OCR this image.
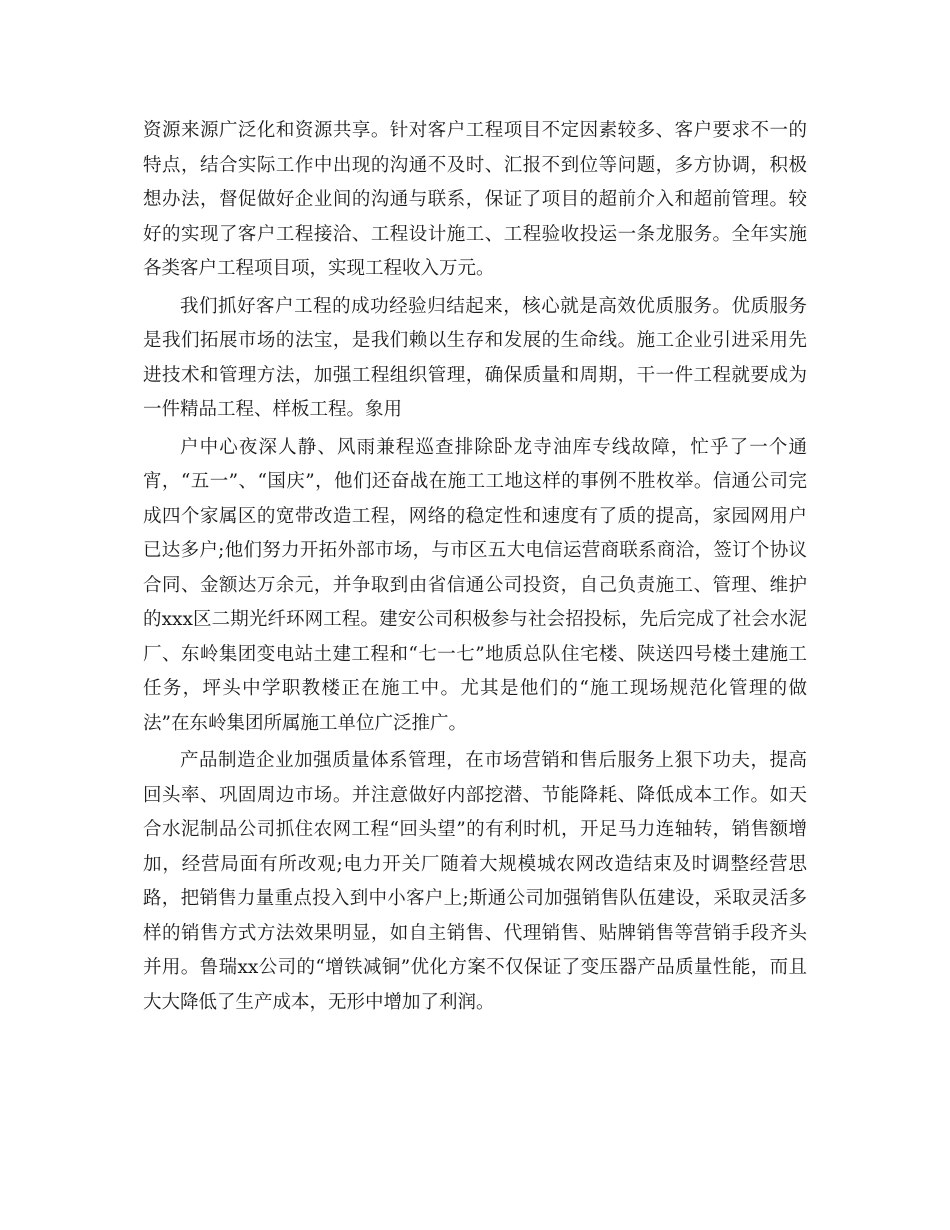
资源来源广泛化和资源共享。针对客户工程项目不定因素较多、客户要求不一的特点，结合实际工作中出现的沟通不及时、汇报不到位等问题，多方协调，积极想办法，督促做好企业间的沟通与联系，保证了项目的超前介入和超前管理。较好的实现了客户工程接洽、工程设计施工、工程验收投运一条龙服务。全年实施各类客户工程项目项，实现工程收入万元。

我们抓好客户工程的成功经验归结起来，核心就是高效优质服务。优质服务是我们拓展市场的法宝，是我们赖以生存和发展的生命线。施工企业引进采用先进技术和管理方法，加强工程组织管理，确保质量和周期，干一件工程就要成为一件精品工程、样板工程。象用

户中心夜深人静、风雨兼程巡查排除卧龙寺油库专线故障，忙乎了一个通宵，“五一”、“国庆”，他们还奋战在施工工地这样的事例不胜枚举。信通公司完成四个家属区的宽带改造工程，网络的稳定性和速度有了质的提高，家园网用户已达多户;他们努力开拓外部市场，与市区五大电信运营商联系商洽，签订个协议合同、金额达万余元，并争取到由省信通公司投资，自己负责施工、管理、维护的xxx区二期光纤环网工程。建安公司积极参与社会招投标，先后完成了社会水泥厂、东岭集团变电站土建工程和“七一七”地质总队住宅楼、陕送四号楼土建施工任务，坪头中学职教楼正在施工中。尤其是他们的“施工现场规范化管理的做法”在东岭集团所属施工单位广泛推广。

产品制造企业加强质量体系管理，在市场营销和售后服务上狠下功夫，提高回头率、巩固周边市场。并注意做好内部挖潜、节能降耗、降低成本工作。如天合水泥制品公司抓住农网工程“回头望”的有利时机，开足马力连轴转，销售额增加，经营局面有所改观;电力开关厂随着大规模城农网改造结束及时调整经营思路，把销售力量重点投入到中小客户上;斯通公司加强销售队伍建设，采取灵活多样的销售方式方法效果明显，如自主销售、代理销售、贴牌销售等营销手段齐头并用。鲁瑞xx公司的“增铁减铜”优化方案不仅保证了变压器产品质量性能，而且大大降低了生产成本，无形中增加了利润。
